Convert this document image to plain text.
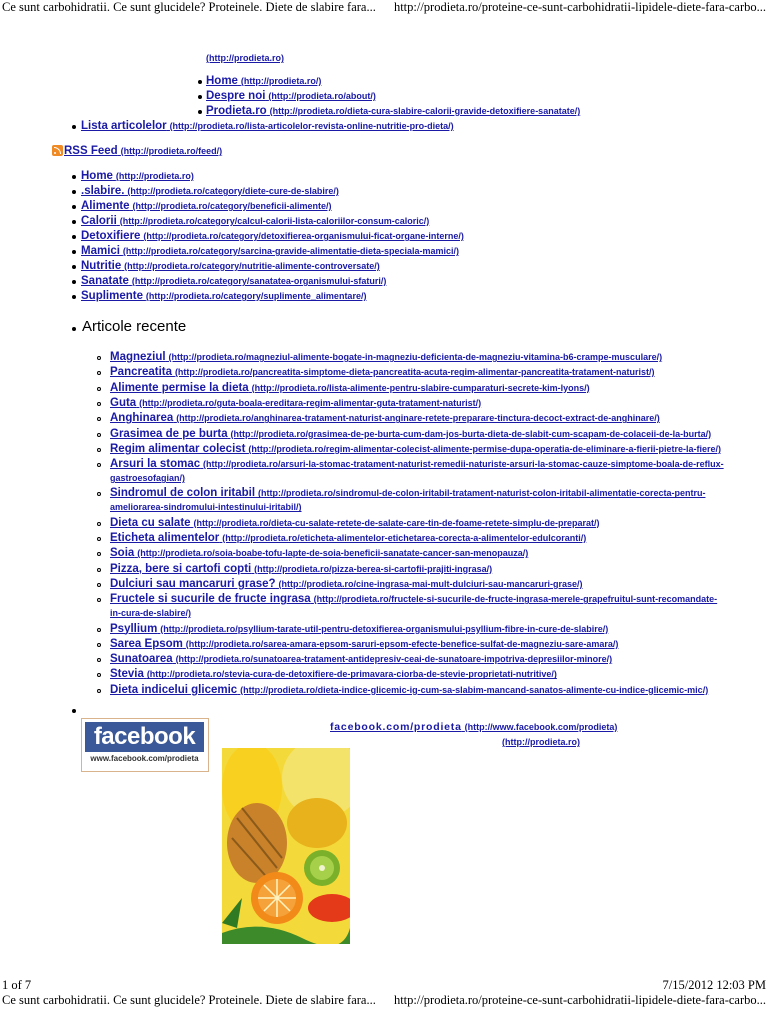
Ce sunt carbohidratii. Ce sunt glucidele? Proteinele. Diete de slabire fara... http://prodieta.ro/proteine-ce-sunt-carbohidratii-lipidele-diete-fara-carbo...
(http://prodieta.ro)
Home (http://prodieta.ro/)
Despre noi (http://prodieta.ro/about/)
Prodieta.ro (http://prodieta.ro/dieta-cura-slabire-calorii-gravide-detoxifiere-sanatate/)
Lista articolelor (http://prodieta.ro/lista-articolelor-revista-online-nutritie-pro-dieta/)
RSS Feed (http://prodieta.ro/feed/)
Home (http://prodieta.ro)
.slabire. (http://prodieta.ro/category/diete-cure-de-slabire/)
Alimente (http://prodieta.ro/category/beneficii-alimente/)
Calorii (http://prodieta.ro/category/calcul-calorii-lista-caloriilor-consum-caloric/)
Detoxifiere (http://prodieta.ro/category/detoxifierea-organismului-ficat-organe-interne/)
Mamici (http://prodieta.ro/category/sarcina-gravide-alimentatie-dieta-speciala-mamici/)
Nutritie (http://prodieta.ro/category/nutritie-alimente-controversate/)
Sanatate (http://prodieta.ro/category/sanatatea-organismului-sfaturi/)
Suplimente (http://prodieta.ro/category/suplimente_alimentare/)
Articole recente
Magneziul (http://prodieta.ro/magneziul-alimente-bogate-in-magneziu-deficienta-de-magneziu-vitamina-b6-crampe-musculare/)
Pancreatita (http://prodieta.ro/pancreatita-simptome-dieta-pancreatita-acuta-regim-alimentar-pancreatita-tratament-naturist/)
Alimente permise la dieta (http://prodieta.ro/lista-alimente-pentru-slabire-cumparaturi-secrete-kim-lyons/)
Guta (http://prodieta.ro/guta-boala-ereditara-regim-alimentar-guta-tratament-naturist/)
Anghinarea (http://prodieta.ro/anghinarea-tratament-naturist-anginare-retete-preparare-tinctura-decoct-extract-de-anghinare/)
Grasimea de pe burta (http://prodieta.ro/grasimea-de-pe-burta-cum-dam-jos-burta-dieta-de-slabit-cum-scapam-de-colaceii-de-la-burta/)
Regim alimentar colecist (http://prodieta.ro/regim-alimentar-colecist-alimente-permise-dupa-operatia-de-eliminare-a-fierii-pietre-la-fiere/)
Arsuri la stomac (http://prodieta.ro/arsuri-la-stomac-tratament-naturist-remedii-naturiste-arsuri-la-stomac-cauze-simptome-boala-de-reflux-
gastroesofagian/)
Sindromul de colon iritabil (http://prodieta.ro/sindromul-de-colon-iritabil-tratament-naturist-colon-iritabil-alimentatie-corecta-pentru-
ameliorarea-sindromului-intestinului-iritabil/)
Dieta cu salate (http://prodieta.ro/dieta-cu-salate-retete-de-salate-care-tin-de-foame-retete-simplu-de-preparat/)
Eticheta alimentelor (http://prodieta.ro/eticheta-alimentelor-etichetarea-corecta-a-alimentelor-edulcoranti/)
Soia (http://prodieta.ro/soia-boabe-tofu-lapte-de-soia-beneficii-sanatate-cancer-san-menopauza/)
Pizza, bere si cartofi copti (http://prodieta.ro/pizza-berea-si-cartofii-prajiti-ingrasa/)
Dulciuri sau mancaruri grase? (http://prodieta.ro/cine-ingrasa-mai-mult-dulciuri-sau-mancaruri-grase/)
Fructele si sucurile de fructe ingrasa (http://prodieta.ro/fructele-si-sucurile-de-fructe-ingrasa-merele-grapefruitul-sunt-recomandate-
in-cura-de-slabire/)
Psyllium (http://prodieta.ro/psyllium-tarate-util-pentru-detoxifierea-organismului-psyllium-fibre-in-cure-de-slabire/)
Sarea Epsom (http://prodieta.ro/sarea-amara-epsom-saruri-epsom-efecte-benefice-sulfat-de-magneziu-sare-amara/)
Sunatoarea (http://prodieta.ro/sunatoarea-tratament-antidepresiv-ceai-de-sunatoare-impotriva-depresiilor-minore/)
Stevia (http://prodieta.ro/stevia-cura-de-detoxifiere-de-primavara-ciorba-de-stevie-proprietati-nutritive/)
Dieta indicelui glicemic (http://prodieta.ro/dieta-indice-glicemic-ig-cum-sa-slabim-mancand-sanatos-alimente-cu-indice-glicemic-mic/)
facebook
www.facebook.com/prodieta
facebook.com/prodieta (http://www.facebook.com/prodieta)
(http://prodieta.ro)
1 of 7	7/15/2012 12:03 PM
Ce sunt carbohidratii. Ce sunt glucidele? Proteinele. Diete de slabire fara... http://prodieta.ro/proteine-ce-sunt-carbohidratii-lipidele-diete-fara-carbo...
